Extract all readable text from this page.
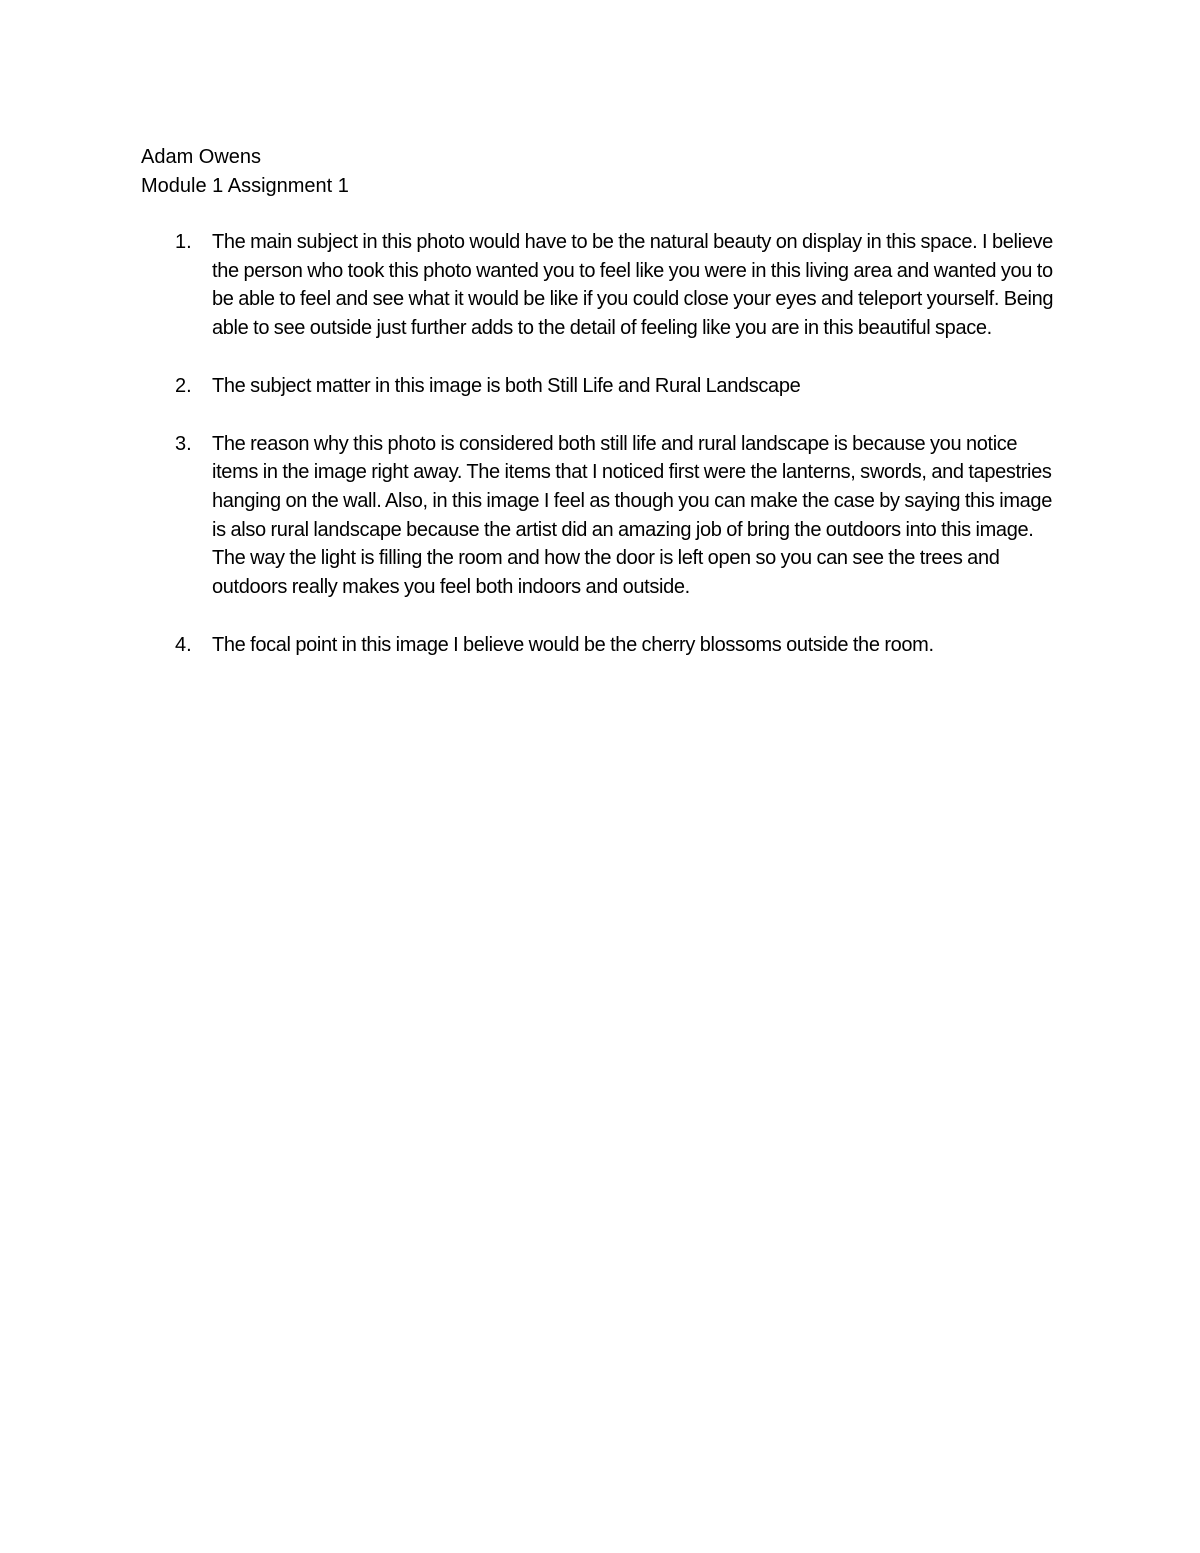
Adam Owens
Module 1 Assignment 1
1.	The main subject in this photo would have to be the natural beauty on display in this space. I believe the person who took this photo wanted you to feel like you were in this living area and wanted you to be able to feel and see what it would be like if you could close your eyes and teleport yourself. Being able to see outside just further adds to the detail of feeling like you are in this beautiful space.
2.	The subject matter in this image is both Still Life and Rural Landscape
3.	The reason why this photo is considered both still life and rural landscape is because you notice items in the image right away. The items that I noticed first were the lanterns, swords, and tapestries hanging on the wall. Also, in this image I feel as though you can make the case by saying this image is also rural landscape because the artist did an amazing job of bring the outdoors into this image. The way the light is filling the room and how the door is left open so you can see the trees and outdoors really makes you feel both indoors and outside.
4.	The focal point in this image I believe would be the cherry blossoms outside the room.
